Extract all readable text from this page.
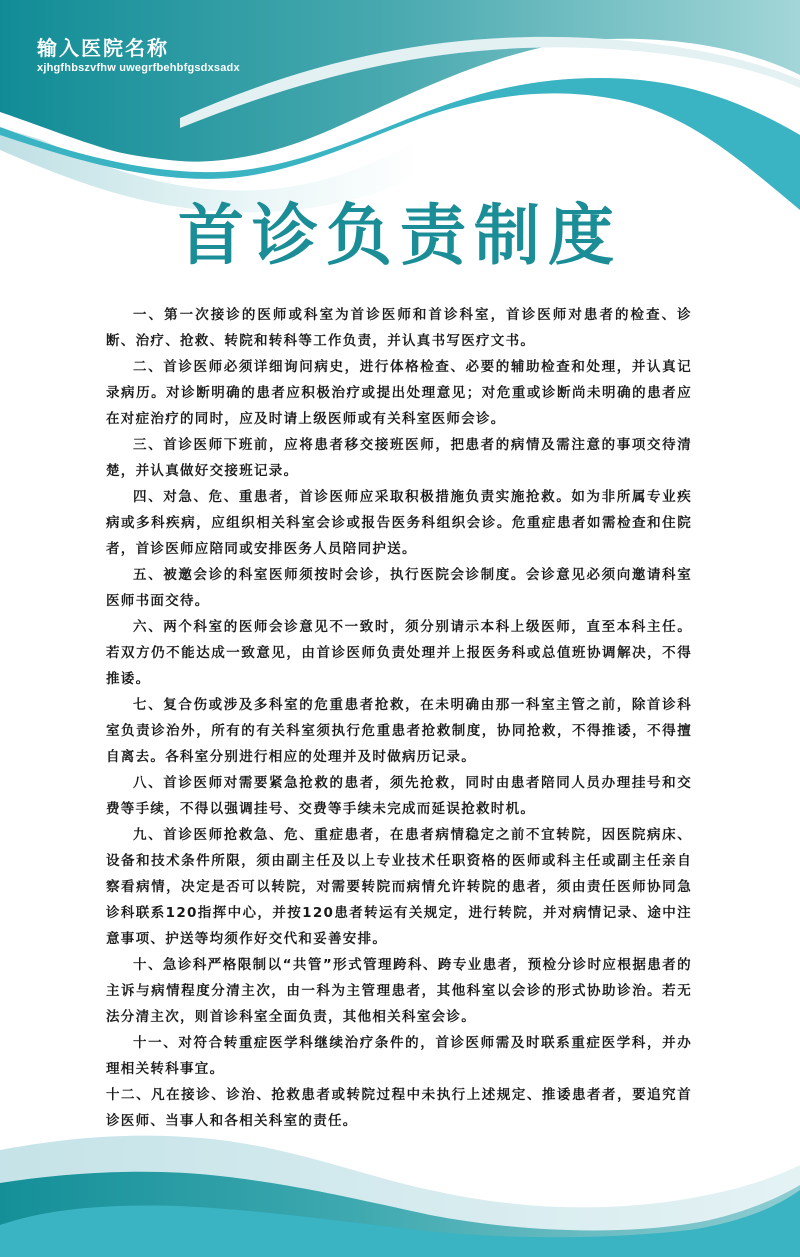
输入医院名称
xjhgfhbszvfhw uwegrfbehbfgsdxsadx
首诊负责制度

一、第一次接诊的医师或科室为首诊医师和首诊科室，首诊医师对患者的检查、诊断、治疗、抢救、转院和转科等工作负责，并认真书写医疗文书。

二、首诊医师必须详细询问病史，进行体格检查、必要的辅助检查和处理，并认真记录病历。对诊断明确的患者应积极治疗或提出处理意见；对危重或诊断尚未明确的患者应在对症治疗的同时，应及时请上级医师或有关科室医师会诊。

三、首诊医师下班前，应将患者移交接班医师，把患者的病情及需注意的事项交待清楚，并认真做好交接班记录。

四、对急、危、重患者，首诊医师应采取积极措施负责实施抢救。如为非所属专业疾病或多科疾病，应组织相关科室会诊或报告医务科组织会诊。危重症患者如需检查和住院者，首诊医师应陪同或安排医务人员陪同护送。

五、被邀会诊的科室医师须按时会诊，执行医院会诊制度。会诊意见必须向邀请科室医师书面交待。

六、两个科室的医师会诊意见不一致时，须分别请示本科上级医师，直至本科主任。若双方仍不能达成一致意见，由首诊医师负责处理并上报医务科或总值班协调解决，不得推诿。

七、复合伤或涉及多科室的危重患者抢救，在未明确由那一科室主管之前，除首诊科室负责诊治外，所有的有关科室须执行危重患者抢救制度，协同抢救，不得推诿，不得擅自离去。各科室分别进行相应的处理并及时做病历记录。

八、首诊医师对需要紧急抢救的患者，须先抢救，同时由患者陪同人员办理挂号和交费等手续，不得以强调挂号、交费等手续未完成而延误抢救时机。

九、首诊医师抢救急、危、重症患者，在患者病情稳定之前不宜转院，因医院病床、设备和技术条件所限，须由副主任及以上专业技术任职资格的医师或科主任或副主任亲自察看病情，决定是否可以转院，对需要转院而病情允许转院的患者，须由责任医师协同急诊科联系120指挥中心，并按120患者转运有关规定，进行转院，并对病情记录、途中注意事项、护送等均须作好交代和妥善安排。

十、急诊科严格限制以“共管”形式管理跨科、跨专业患者，预检分诊时应根据患者的主诉与病情程度分清主次，由一科为主管理患者，其他科室以会诊的形式协助诊治。若无法分清主次，则首诊科室全面负责，其他相关科室会诊。

十一、对符合转重症医学科继续治疗条件的，首诊医师需及时联系重症医学科，并办理相关转科事宜。

十二、凡在接诊、诊治、抢救患者或转院过程中未执行上述规定、推诿患者者，要追究首诊医师、当事人和各相关科室的责任。
